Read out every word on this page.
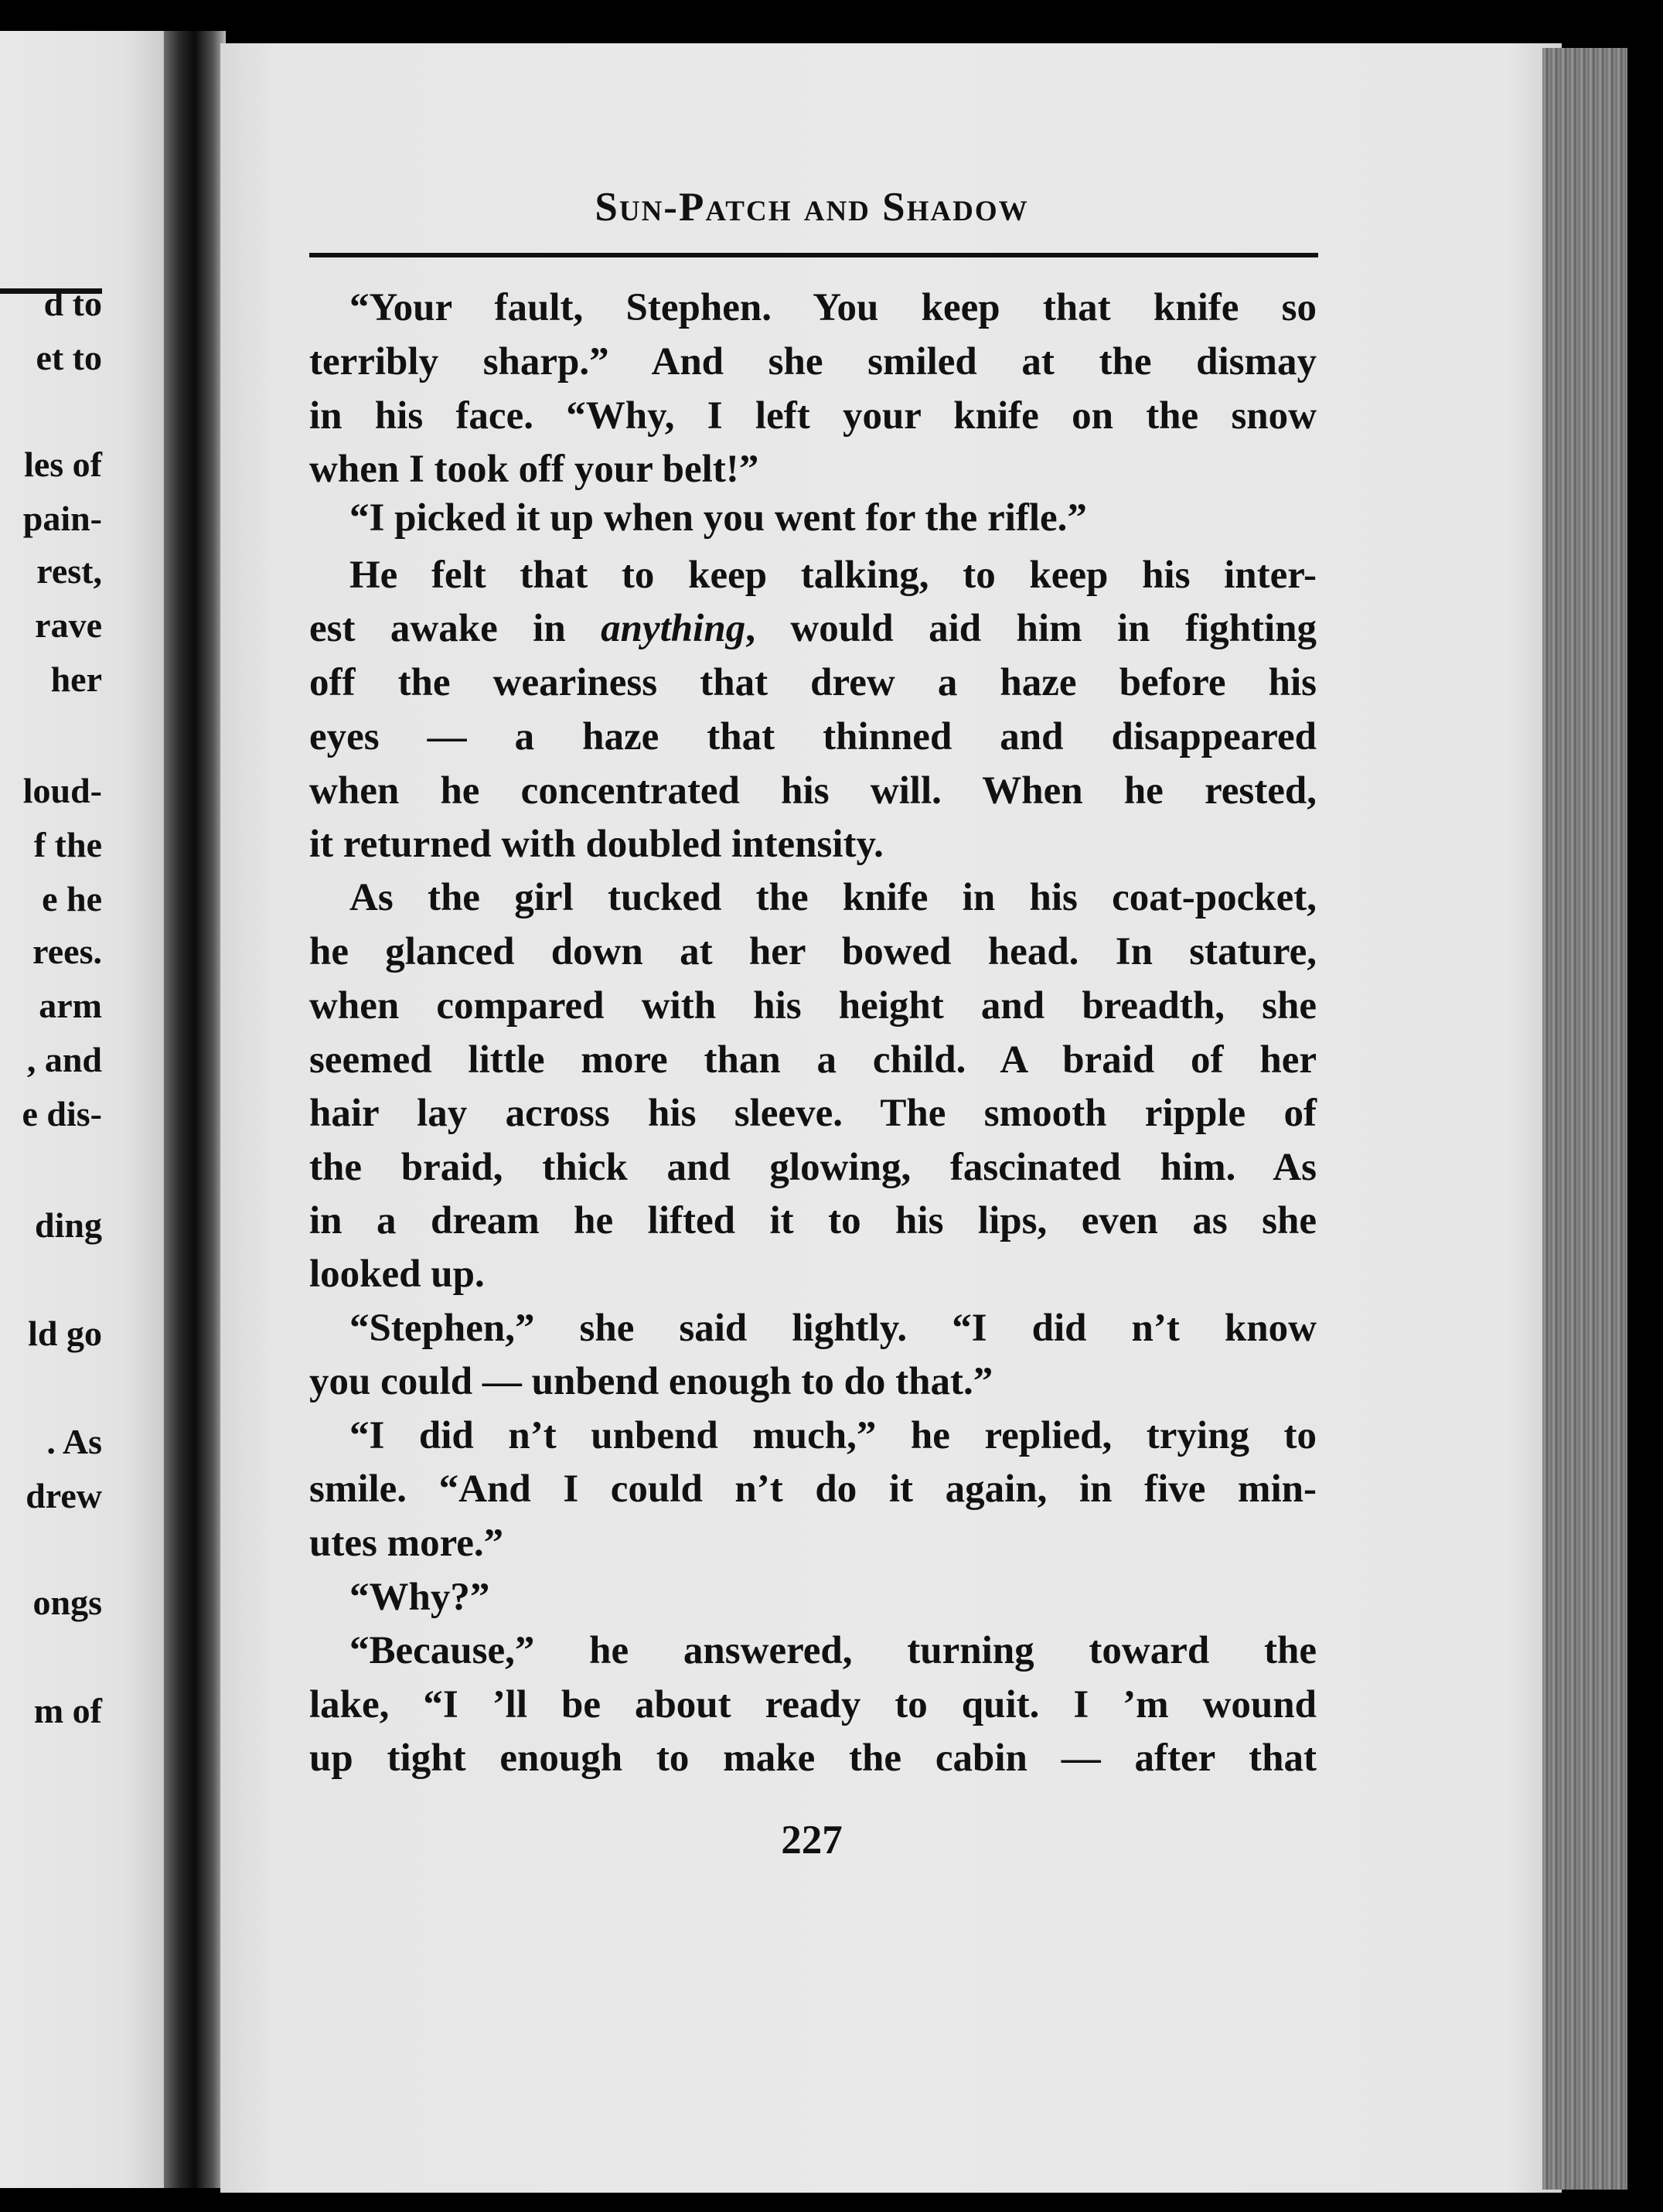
d to
et to
les of
pain-
rest,
rave
her
loud-
f the
e he
rees.
arm
, and
e dis-
ding
ld go
. As
drew
ongs
m of
Sun-Patch and Shadow
“Your fault, Stephen. You keep that knife so
terribly sharp.” And she smiled at the dismay
in his face. “Why, I left your knife on the snow
when I took off your belt!”
“I picked it up when you went for the rifle.”
He felt that to keep talking, to keep his inter-
est awake in anything, would aid him in fighting
off the weariness that drew a haze before his
eyes — a haze that thinned and disappeared
when he concentrated his will. When he rested,
it returned with doubled intensity.
As the girl tucked the knife in his coat-pocket,
he glanced down at her bowed head. In stature,
when compared with his height and breadth, she
seemed little more than a child. A braid of her
hair lay across his sleeve. The smooth ripple of
the braid, thick and glowing, fascinated him. As
in a dream he lifted it to his lips, even as she
looked up.
“Stephen,” she said lightly. “I did n’t know
you could — unbend enough to do that.”
“I did n’t unbend much,” he replied, trying to
smile. “And I could n’t do it again, in five min-
utes more.”
“Why?”
“Because,” he answered, turning toward the
lake, “I ’ll be about ready to quit. I ’m wound
up tight enough to make the cabin — after that
227
